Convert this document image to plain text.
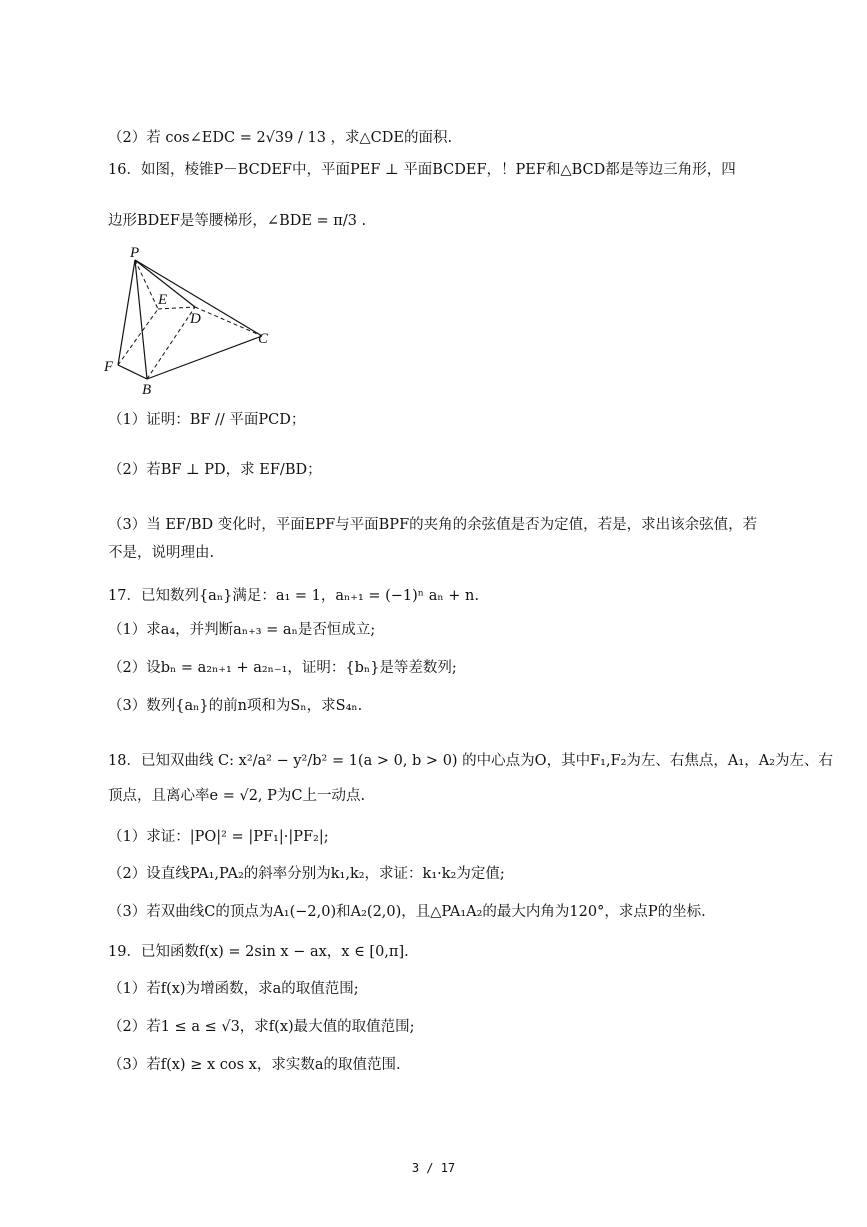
（2）若 cos∠EDC = 2√39 / 13 ，求△CDE的面积.
16．如图，棱锥P－BCDEF中，平面PEF ⊥ 平面BCDEF，！PEF和△BCD都是等边三角形，四
边形BDEF是等腰梯形，∠BDE = π/3 .
P
E
D
C
F
B
（1）证明：BF // 平面PCD；
（2）若BF ⊥ PD，求 EF/BD；
（3）当 EF/BD 变化时，平面EPF与平面BPF的夹角的余弦值是否为定值，若是，求出该余弦值，若
不是，说明理由.
17．已知数列{aₙ}满足：a₁ = 1，aₙ₊₁ = (−1)ⁿ aₙ + n.
（1）求a₄，并判断aₙ₊₃ = aₙ是否恒成立;
（2）设bₙ = a₂ₙ₊₁ + a₂ₙ₋₁，证明：{bₙ}是等差数列;
（3）数列{aₙ}的前n项和为Sₙ，求S₄ₙ.
18．已知双曲线 C: x²/a² − y²/b² = 1(a > 0, b > 0) 的中心点为O，其中F₁,F₂为左、右焦点，A₁，A₂为左、右
顶点，且离心率e = √2, P为C上一动点.
（1）求证：|PO|² = |PF₁|·|PF₂|;
（2）设直线PA₁,PA₂的斜率分别为k₁,k₂，求证：k₁·k₂为定值;
（3）若双曲线C的顶点为A₁(−2,0)和A₂(2,0)，且△PA₁A₂的最大内角为120°，求点P的坐标.
19．已知函数f(x) = 2sin x − ax，x ∈ [0,π].
（1）若f(x)为增函数，求a的取值范围;
（2）若1 ≤ a ≤ √3，求f(x)最大值的取值范围;
（3）若f(x) ≥ x cos x，求实数a的取值范围.
3 / 17
